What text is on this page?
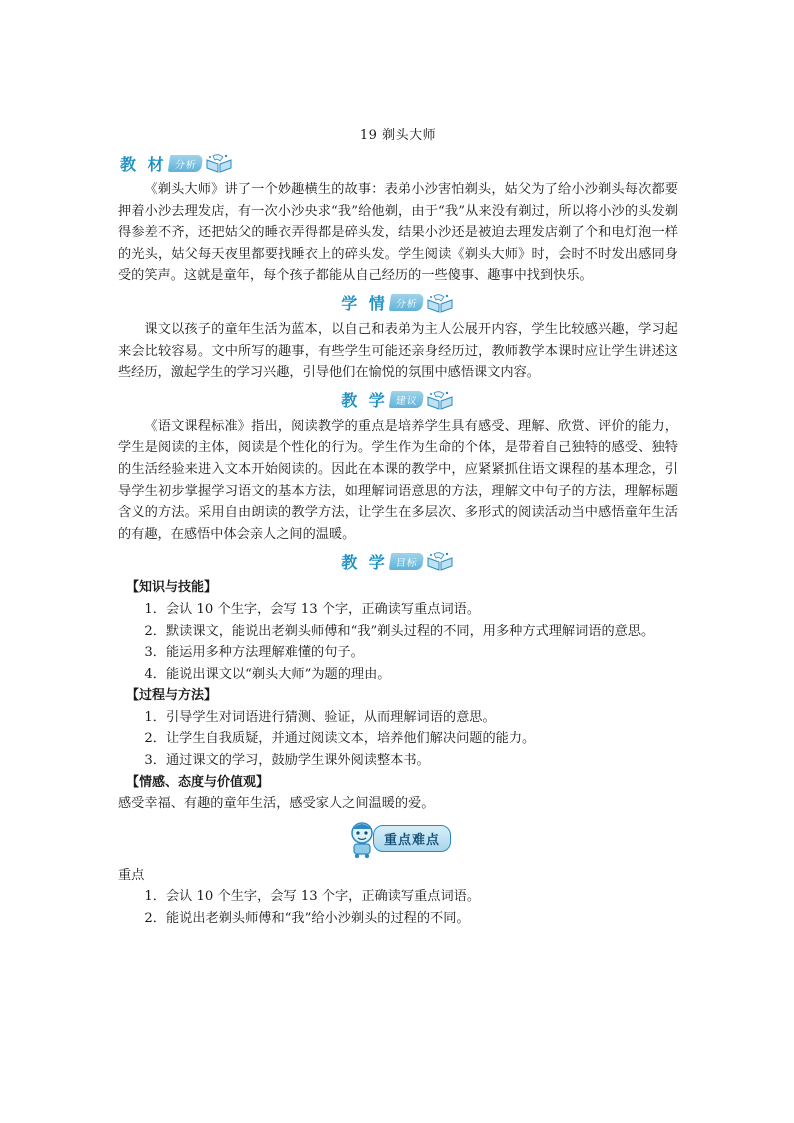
19 剃头大师
教 材 分析

《剃头大师》讲了一个妙趣横生的故事：表弟小沙害怕剃头，姑父为了给小沙剃头每次都要押着小沙去理发店，有一次小沙央求“我”给他剃，由于“我”从来没有剃过，所以将小沙的头发剃得参差不齐，还把姑父的睡衣弄得都是碎头发，结果小沙还是被迫去理发店剃了个和电灯泡一样的光头，姑父每天夜里都要找睡衣上的碎头发。学生阅读《剃头大师》时，会时不时发出感同身受的笑声。这就是童年，每个孩子都能从自己经历的一些傻事、趣事中找到快乐。

学 情 分析

课文以孩子的童年生活为蓝本，以自己和表弟为主人公展开内容，学生比较感兴趣，学习起来会比较容易。文中所写的趣事，有些学生可能还亲身经历过，教师教学本课时应让学生讲述这些经历，激起学生的学习兴趣，引导他们在愉悦的氛围中感悟课文内容。

教 学 建议

《语文课程标准》指出，阅读教学的重点是培养学生具有感受、理解、欣赏、评价的能力，学生是阅读的主体，阅读是个性化的行为。学生作为生命的个体，是带着自己独特的感受、独特的生活经验来进入文本开始阅读的。因此在本课的教学中，应紧紧抓住语文课程的基本理念，引导学生初步掌握学习语文的基本方法，如理解词语意思的方法，理解文中句子的方法，理解标题含义的方法。采用自由朗读的教学方法，让学生在多层次、多形式的阅读活动当中感悟童年生活的有趣，在感悟中体会亲人之间的温暖。

教 学 目标

【知识与技能】

1．会认 10 个生字，会写 13 个字，正确读写重点词语。

2．默读课文，能说出老剃头师傅和“我”剃头过程的不同，用多种方式理解词语的意思。

3．能运用多种方法理解难懂的句子。

4．能说出课文以“剃头大师”为题的理由。

【过程与方法】

1．引导学生对词语进行猜测、验证，从而理解词语的意思。

2．让学生自我质疑，并通过阅读文本，培养他们解决问题的能力。

3．通过课文的学习，鼓励学生课外阅读整本书。

【情感、态度与价值观】

感受幸福、有趣的童年生活，感受家人之间温暖的爱。

重点难点

重点

1．会认 10 个生字，会写 13 个字，正确读写重点词语。

2．能说出老剃头师傅和“我”给小沙剃头的过程的不同。
